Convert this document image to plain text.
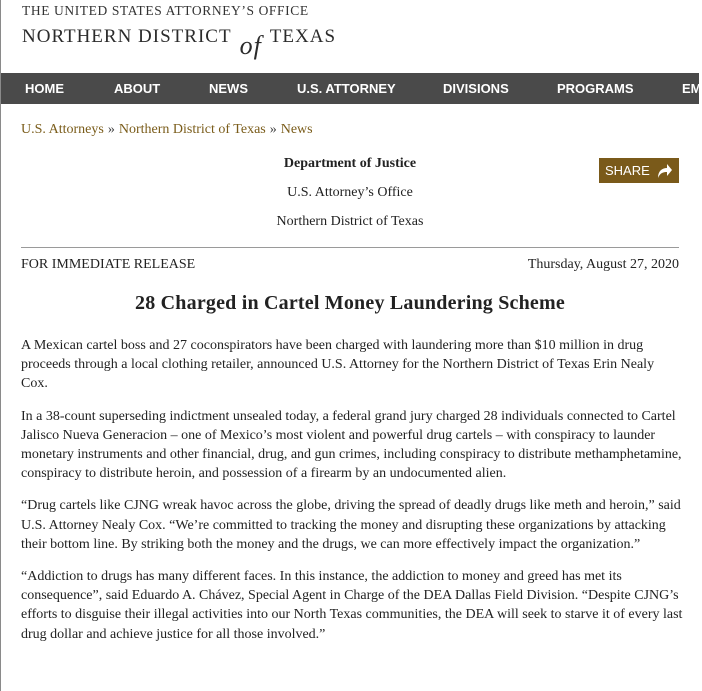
THE UNITED STATES ATTORNEY’S OFFICE
NORTHERN DISTRICT of TEXAS
HOME	ABOUT	NEWS	U.S. ATTORNEY	DIVISIONS	PROGRAMS	EM
U.S. Attorneys » Northern District of Texas » News
Department of Justice
U.S. Attorney’s Office
Northern District of Texas
SHARE
FOR IMMEDIATE RELEASE	Thursday, August 27, 2020
28 Charged in Cartel Money Laundering Scheme

A Mexican cartel boss and 27 coconspirators have been charged with laundering more than $10 million in drug proceeds through a local clothing retailer, announced U.S. Attorney for the Northern District of Texas Erin Nealy Cox.

In a 38-count superseding indictment unsealed today, a federal grand jury charged 28 individuals connected to Cartel Jalisco Nueva Generacion – one of Mexico’s most violent and powerful drug cartels – with conspiracy to launder monetary instruments and other financial, drug, and gun crimes, including conspiracy to distribute methamphetamine, conspiracy to distribute heroin, and possession of a firearm by an undocumented alien.

“Drug cartels like CJNG wreak havoc across the globe, driving the spread of deadly drugs like meth and heroin,” said U.S. Attorney Nealy Cox. “We’re committed to tracking the money and disrupting these organizations by attacking their bottom line. By striking both the money and the drugs, we can more effectively impact the organization.”

“Addiction to drugs has many different faces. In this instance, the addiction to money and greed has met its consequence”, said Eduardo A. Chávez, Special Agent in Charge of the DEA Dallas Field Division. “Despite CJNG’s efforts to disguise their illegal activities into our North Texas communities, the DEA will seek to starve it of every last drug dollar and achieve justice for all those involved.”
